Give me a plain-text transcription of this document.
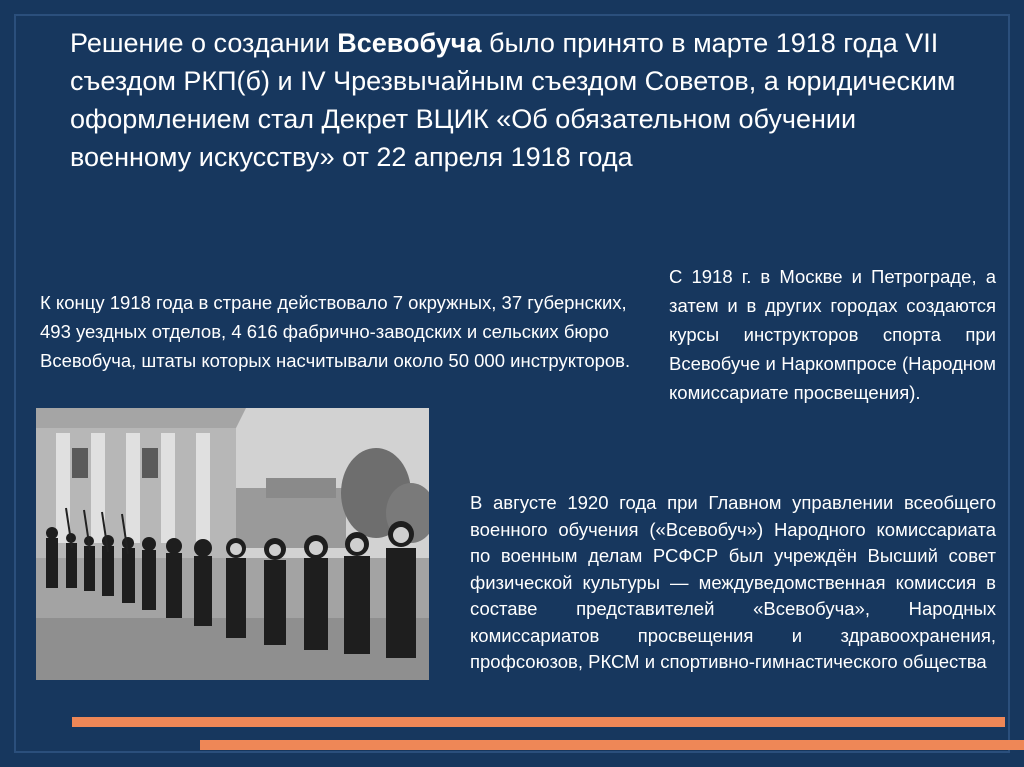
Решение о создании Всевобуча было принято в марте 1918 года VII съездом РКП(б) и IV Чрезвычайным съездом Советов, а юридическим оформлением стал Декрет ВЦИК «Об обязательном обучении военному искусству» от 22 апреля 1918 года
К концу 1918 года в стране действовало 7 окружных, 37 губернских, 493 уездных отделов, 4 616 фабрично-заводских и сельских бюро Всевобуча, штаты которых насчитывали около 50 000 инструкторов.
С 1918 г. в Москве и Петрограде, а затем и в других городах создаются курсы инструкторов спорта при Всевобуче и Наркомпросе (Народном комиссариате просвещения).
В августе 1920 года при Главном управлении всеобщего военного обучения («Всевобуч») Народного комиссариата по военным делам РСФСР был учреждён Высший совет физической культуры — междуведомственная комиссия в составе представителей «Всевобуча», Народных комиссариатов просвещения и здравоохранения, профсоюзов, РКСМ и спортивно-гимнастического общества
